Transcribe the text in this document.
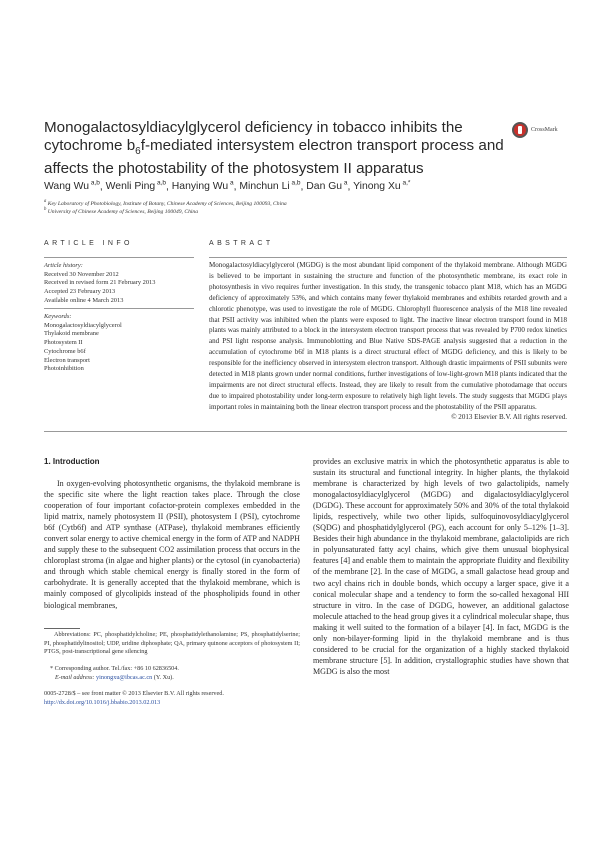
Monogalactosyldiacylglycerol deficiency in tobacco inhibits the cytochrome $b_6f$-mediated intersystem electron transport process and affects the photostability of the photosystem II apparatus
CrossMark
Wang Wu $^{a,b}$, Wenli Ping $^{a,b}$, Hanying Wu $^a$, Minchun Li $^{a,b}$, Dan Gu $^a$, Yinong Xu $^{a,*}$
$^a$ Key Laboratory of Photobiology, Institute of Botany, Chinese Academy of Sciences, Beijing 100093, China
$^b$ University of Chinese Academy of Sciences, Beijing 100049, China
ARTICLE INFO
Article history:
Received 30 November 2012
Received in revised form 21 February 2013
Accepted 23 February 2013
Available online 4 March 2013
Keywords:
Monogalactosyldiacylglycerol
Thylakoid membrane
Photosystem II
Cytochrome b6f
Electron transport
Photoinhibition
ABSTRACT
Monogalactosyldiacylglycerol (MGDG) is the most abundant lipid component of the thylakoid membrane. Although MGDG is believed to be important in sustaining the structure and function of the photosynthetic membrane, its exact role in photosynthesis in vivo requires further investigation. In this study, the transgenic tobacco plant M18, which has an MGDG deficiency of approximately 53%, and which contains many fewer thylakoid membranes and exhibits retarded growth and a chlorotic phenotype, was used to investigate the role of MGDG. Chlorophyll fluorescence analysis of the M18 line revealed that PSII activity was inhibited when the plants were exposed to light. The inactive linear electron transport found in M18 plants was mainly attributed to a block in the intersystem electron transport process that was revealed by P700 redox kinetics and PSI light response analysis. Immunoblotting and Blue Native SDS-PAGE analysis suggested that a reduction in the accumulation of cytochrome b6f in M18 plants is a direct structural effect of MGDG deficiency, and this is likely to be responsible for the inefficiency observed in intersystem electron transport. Although drastic impairments of PSII subunits were detected in M18 plants grown under normal conditions, further investigations of low-light-grown M18 plants indicated that the impairments are not direct structural effects. Instead, they are likely to result from the cumulative photodamage that occurs due to impaired photostability under long-term exposure to relatively high light levels. The study suggests that MGDG plays important roles in maintaining both the linear electron transport process and the photostability of the PSII apparatus.
© 2013 Elsevier B.V. All rights reserved.
1. Introduction

In oxygen-evolving photosynthetic organisms, the thylakoid membrane is the specific site where the light reaction takes place. Through the close cooperation of four important cofactor-protein complexes embedded in the lipid matrix, namely photosystem II (PSII), photosystem I (PSI), cytochrome b6f (Cytb6f) and ATP synthase (ATPase), thylakoid membranes efficiently convert solar energy to active chemical energy in the form of ATP and NADPH and supply these to the subsequent CO2 assimilation process that occurs in the chloroplast stroma (in algae and higher plants) or the cytosol (in cyanobacteria) and through which stable chemical energy is finally stored in the form of carbohydrate. It is generally accepted that the thylakoid membrane, which is mainly composed of glycolipids instead of the phospholipids found in other biological membranes,

provides an exclusive matrix in which the photosynthetic apparatus is able to sustain its structural and functional integrity. In higher plants, the thylakoid membrane is characterized by high levels of two galactolipids, namely monogalactosyldiacylglycerol (MGDG) and digalactosyldiacylglycerol (DGDG). These account for approximately 50% and 30% of the total thylakoid lipids, respectively, while two other lipids, sulfoquinovosyldiacylglycerol (SQDG) and phosphatidylglycerol (PG), each account for only 5–12% [1–3]. Besides their high abundance in the thylakoid membrane, galactolipids are rich in polyunsaturated fatty acyl chains, which give them unusual biophysical features [4] and enable them to maintain the appropriate fluidity and flexibility of the membrane [2]. In the case of MGDG, a small galactose head group and two acyl chains rich in double bonds, which occupy a larger space, give it a conical molecular shape and a tendency to form the so-called hexagonal HII structure in vitro. In the case of DGDG, however, an additional galactose molecule attached to the head group gives it a cylindrical molecular shape, thus making it well suited to the formation of a bilayer [4]. In fact, MGDG is the only non-bilayer-forming lipid in the thylakoid membrane and is thus considered to be crucial for the organization of a highly stacked thylakoid membrane structure [5]. In addition, crystallographic studies have shown that MGDG is also the most
Abbreviations: PC, phosphatidylcholine; PE, phosphatidylethanolamine; PS, phosphatidylserine; PI, phosphatidylinositol; UDP, uridine diphosphate; QA, primary quinone acceptors of photosystem II; PTGS, post-transcriptional gene silencing
* Corresponding author. Tel./fax: +86 10 62836504.
E-mail address: yinongxu@ibcas.ac.cn (Y. Xu).
0005-2728/$ – see front matter © 2013 Elsevier B.V. All rights reserved.
http://dx.doi.org/10.1016/j.bbabio.2013.02.013
